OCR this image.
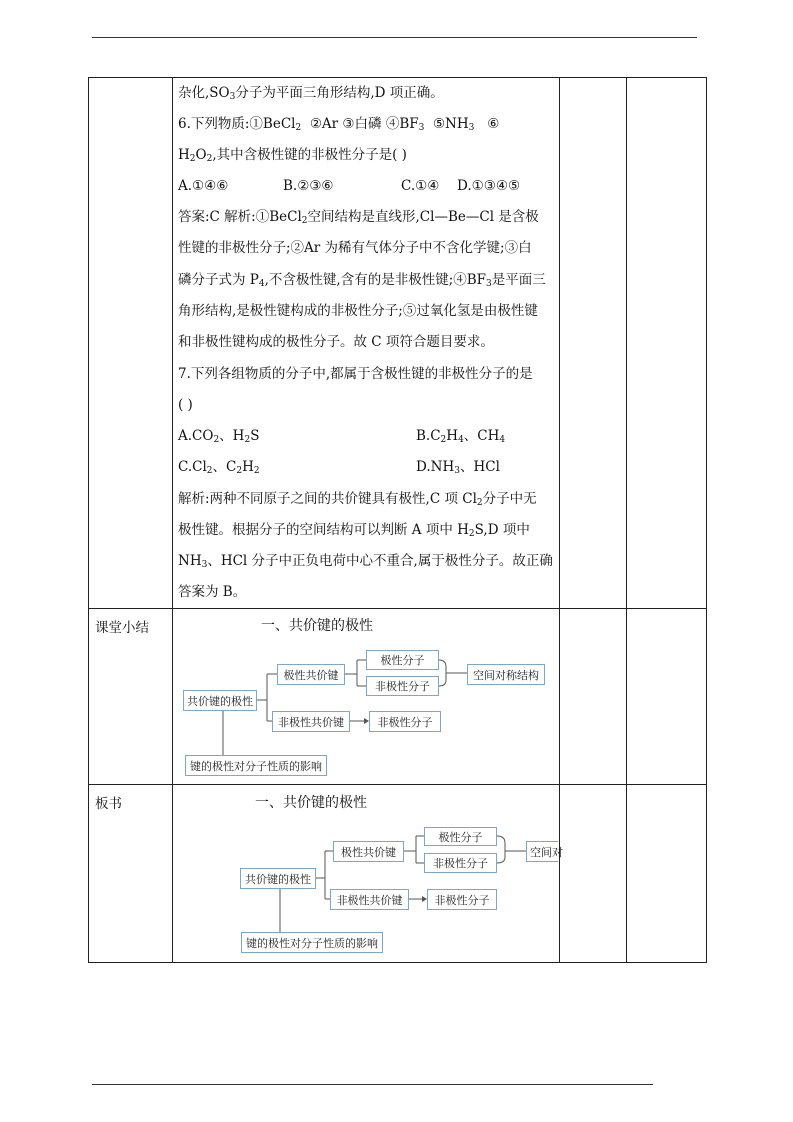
杂化$,SO_3$分子为平面三角形结构,D 项正确。
6.下列物质:①BeCl$_2$ ②Ar ③白磷 $④BF_3$ $⑤NH_3$ ⑥
$H_2O_2$,其中含极性键的非极性分子是( )
A.①④⑥	B.②③⑥	C.①④ D.①③④⑤
答案:C 解析:①BeCl$_2$空间结构是直线形,Cl—Be—Cl 是含极
性键的非极性分子;②Ar 为稀有气体分子中不含化学键;③白
磷分子式为 $P_4$,不含极性键,含有的是非极性键$;④BF_3$是平面三
角形结构,是极性键构成的非极性分子;⑤过氧化氢是由极性键
和非极性键构成的极性分子。故 C 项符合题目要求。
7.下列各组物质的分子中,都属于含极性键的非极性分子的是
( )
$A.CO_2$、$H_2S$	$B.C_2H_4$、$CH_4$
$C.Cl_2$、$C_2H_2$	$D.NH_3$、HCl
解析:两种不同原子之间的共价键具有极性,C 项 $Cl_2$分子中无
极性键。根据分子的空间结构可以判断 A 项中 $H_2S,D$ 项中
$NH_3$、HCl 分子中正负电荷中心不重合,属于极性分子。故正确
答案为 B。
课堂小结	一、共价键的极性
共价键的极性
极性共价键
极性分子
非极性分子
空间对称结构
非极性共价键	非极性分子
键的极性对分子性质的影响
板书	一、共价键的极性
共价键的极性
极性共价键
极性分子
非极性分子
空间对
非极性共价键	非极性分子
键的极性对分子性质的影响
